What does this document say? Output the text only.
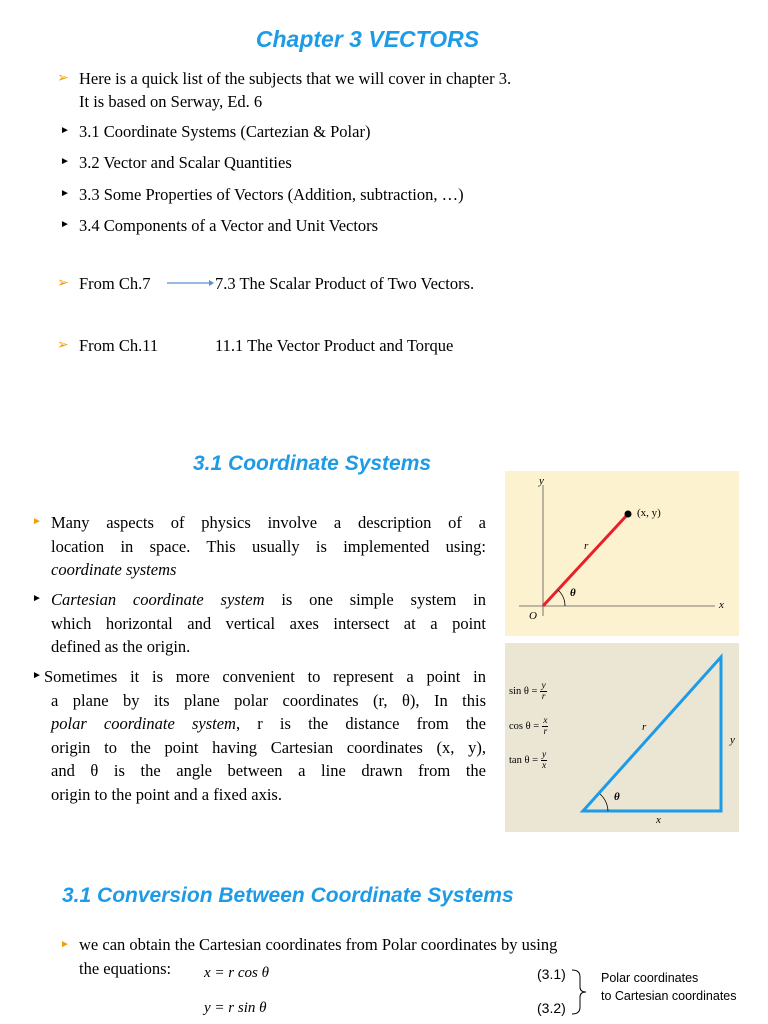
Chapter 3 VECTORS
➢ Here is a quick list of the subjects that we will cover in chapter 3.
It is based on Serway, Ed. 6
► 3.1 Coordinate Systems (Cartezian & Polar)
► 3.2 Vector and Scalar Quantities
► 3.3 Some Properties of Vectors (Addition, subtraction, …)
► 3.4 Components of a Vector and Unit Vectors
➢ From Ch.7	7.3 The Scalar Product of Two Vectors.
➢ From Ch.11	11.1 The Vector Product and Torque
3.1 Coordinate Systems
► Many aspects of physics involve a description of a
location in space. This usually is implemented using:
coordinate systems
► Cartesian coordinate system is one simple system in
which horizontal and vertical axes intersect at a point
defined as the origin.
► Sometimes it is more convenient to represent a point in
a plane by its plane polar coordinates (r, θ), In this
polar coordinate system, r is the distance from the
origin to the point having Cartesian coordinates (x, y),
and θ is the angle between a line drawn from the
origin to the point and a fixed axis.
y
x
O
(x, y)
r
θ
$\sin \theta = \frac{y}{r}$
$\cos \theta = \frac{x}{r}$
$\tan \theta = \frac{y}{x}$
r
y
x
θ
3.1 Conversion Between Coordinate Systems
► we can obtain the Cartesian coordinates from Polar coordinates by using
the equations: x = r cos θ
y = r sin θ
(3.1)
(3.2)
Polar coordinates
to Cartesian coordinates
